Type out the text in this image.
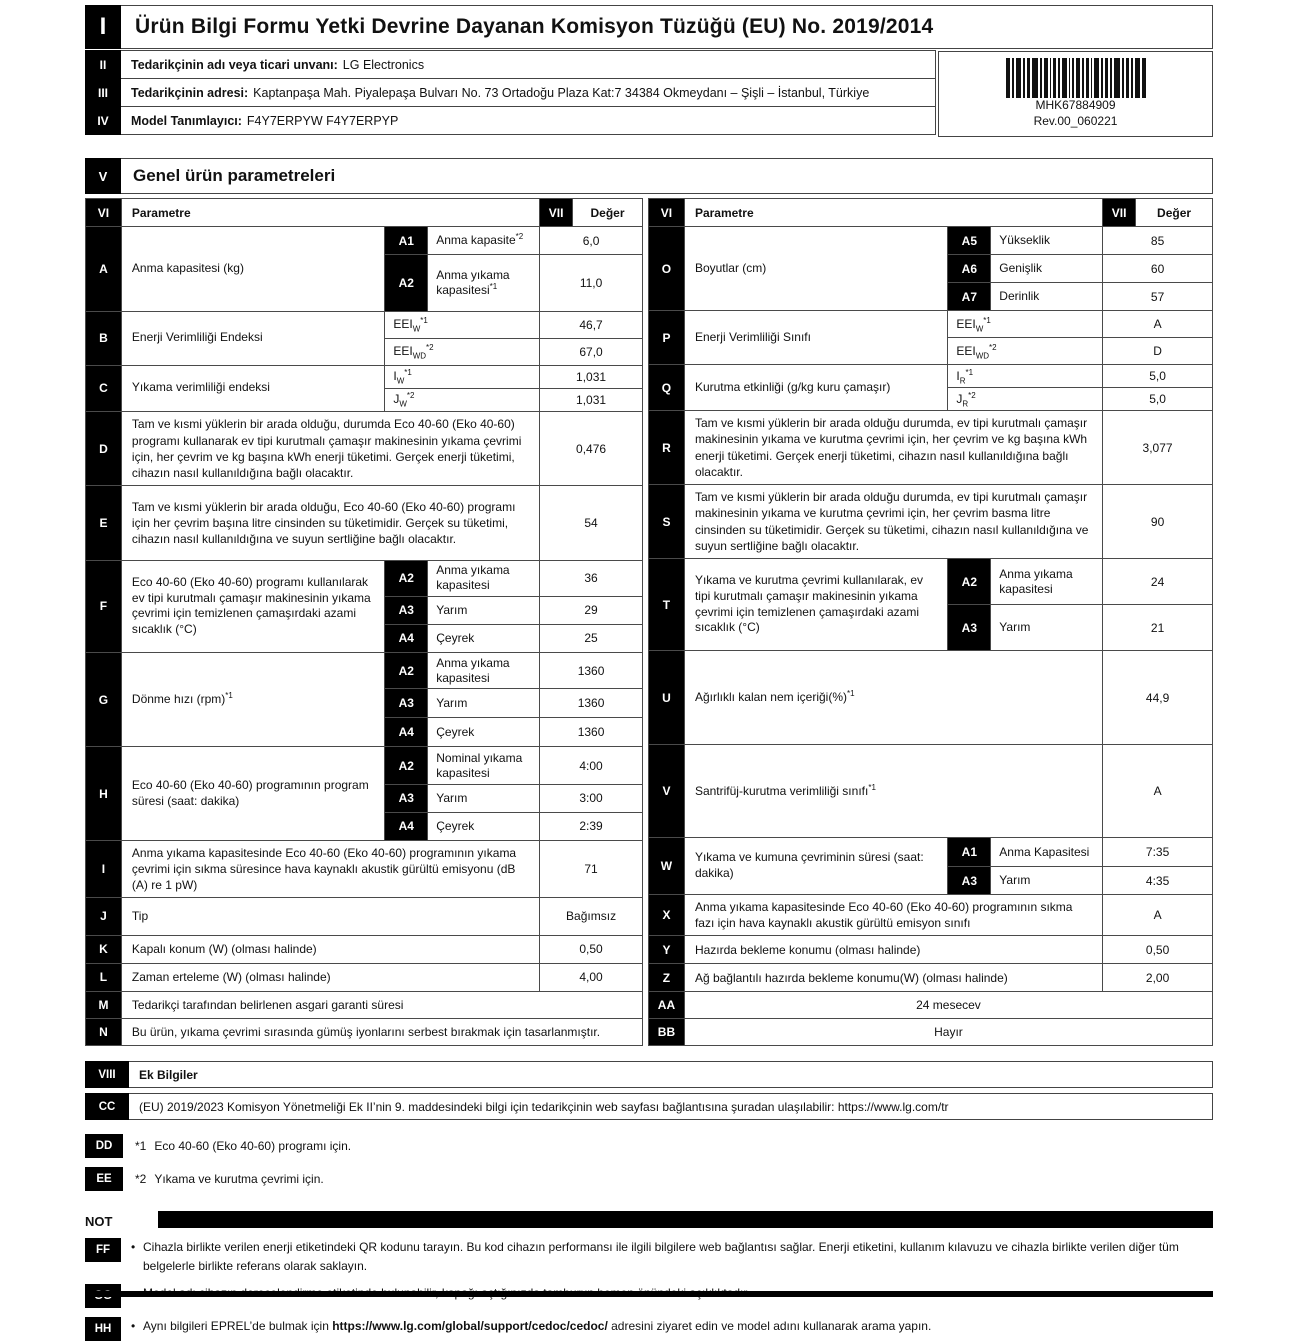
I	Ürün Bilgi Formu Yetki Devrine Dayanan Komisyon Tüzüğü (EU) No. 2019/2014
II	Tedarikçinin adı veya ticari unvanı: LG Electronics
III	Tedarikçinin adresi: Kaptanpaşa Mah. Piyalepaşa Bulvarı No. 73 Ortadoğu Plaza Kat:7 34384 Okmeydanı – Şişli – İstanbul, Türkiye
IV	Model Tanımlayıcı: F4Y7ERPYW F4Y7ERPYP
MHK67884909
Rev.00_060221
V	Genel ürün parametreleri
VI	Parametre			VII	Değer
A	Anma kapasitesi (kg)	A1	Anma kapasite$^{*2}$	6,0	
		A2	Anma yıkama kapasitesi$^{*1}$	11,0	
B	Enerji Verimliliği Endeksi	$EEI_W^{*1}$		46,7	
		$EEI_{WD}^{*2}$		67,0	
C	Yıkama verimliliği endeksi	$I_W^{*1}$		1,031	
		$J_W^{*2}$		1,031	
D	Tam ve kısmi yüklerin bir arada olduğu, durumda Eco 40-60 (Eko 40-60) programı kullanarak ev tipi kurutmalı çamaşır makinesinin yıkama çevrimi için, her çevrim ve kg başına kWh enerji tüketimi. Gerçek enerji tüketimi, cihazın nasıl kullanıldığına bağlı olacaktır.			0,476	
E	Tam ve kısmi yüklerin bir arada olduğu, Eco 40-60 (Eko 40-60) programı için her çevrim başına litre cinsinden su tüketimidir. Gerçek su tüketimi, cihazın nasıl kullanıldığına ve suyun sertliğine bağlı olacaktır.			54	
F	Eco 40-60 (Eko 40-60) programı kullanılarak ev tipi kurutmalı çamaşır makinesinin yıkama çevrimi için temizlenen çamaşırdaki azami sıcaklık (°C)	A2	Anma yıkama kapasitesi	36	
		A3	Yarım	29	
		A4	Çeyrek	25	
G	Dönme hızı (rpm)$^{*1}$	A2	Anma yıkama kapasitesi	1360	
		A3	Yarım	1360	
		A4	Çeyrek	1360	
H	Eco 40-60 (Eko 40-60) programının program süresi (saat: dakika)	A2	Nominal yıkama kapasitesi	4:00	
		A3	Yarım	3:00	
		A4	Çeyrek	2:39	
I	Anma yıkama kapasitesinde Eco 40-60 (Eko 40-60) programının yıkama çevrimi için sıkma süresince hava kaynaklı akustik gürültü emisyonu (dB (A) re 1 pW)			71	
J	Tip			Bağımsız	
K	Kapalı konum (W) (olması halinde)			0,50	
L	Zaman erteleme (W) (olması halinde)			4,00	
M	Tedarikçi tarafından belirlenen asgari garanti süresi				
N	Bu ürün, yıkama çevrimi sırasında gümüş iyonlarını serbest bırakmak için tasarlanmıştır.				
VI	Parametre			VII	Değer
O	Boyutlar (cm)	A5	Yükseklik	85	
		A6	Genişlik	60	
		A7	Derinlik	57	
P	Enerji Verimliliği Sınıfı	$EEI_W^{*1}$		A	
		$EEI_{WD}^{*2}$		D	
Q	Kurutma etkinliği (g/kg kuru çamaşır)	$I_R^{*1}$		5,0	
		$J_R^{*2}$		5,0	
R	Tam ve kısmi yüklerin bir arada olduğu durumda, ev tipi kurutmalı çamaşır makinesinin yıkama ve kurutma çevrimi için, her çevrim ve kg başına kWh enerji tüketimi. Gerçek enerji tüketimi, cihazın nasıl kullanıldığına bağlı olacaktır.			3,077	
S	Tam ve kısmi yüklerin bir arada olduğu durumda, ev tipi kurutmalı çamaşır makinesinin yıkama ve kurutma çevrimi için, her çevrim basma litre cinsinden su tüketimidir. Gerçek su tüketimi, cihazın nasıl kullanıldığına ve suyun sertliğine bağlı olacaktır.			90	
T	Yıkama ve kurutma çevrimi kullanılarak, ev tipi kurutmalı çamaşır makinesinin yıkama çevrimi için temizlenen çamaşırdaki azami sıcaklık (°C)	A2	Anma yıkama kapasitesi	24	
		A3	Yarım	21	
U	Ağırlıklı kalan nem içeriği(%)$^{*1}$			44,9	
V	Santrifüj-kurutma verimliliği sınıfı$^{*1}$			A	
W	Yıkama ve kumuna çevriminin süresi (saat: dakika)	A1	Anma Kapasitesi	7:35	
		A3	Yarım	4:35	
X	Anma yıkama kapasitesinde Eco 40-60 (Eko 40-60) programının sıkma fazı için hava kaynaklı akustik gürültü emisyon sınıfı			A	
Y	Hazırda bekleme konumu (olması halinde)			0,50	
Z	Ağ bağlantılı hazırda bekleme konumu(W) (olması halinde)			2,00	
AA	24 mesecev				
BB	Hayır				
VIII	Ek Bilgiler
CC	(EU) 2019/2023 Komisyon Yönetmeliği Ek II’nin 9. maddesindeki bilgi için tedarikçinin web sayfası bağlantısına şuradan ulaşılabilir: https://www.lg.com/tr
DD	*1 Eco 40-60 (Eko 40-60) programı için.
EE	*2 Yıkama ve kurutma çevrimi için.
NOT
FF	• Cihazla birlikte verilen enerji etiketindeki QR kodunu tarayın. Bu kod cihazın performansı ile ilgili bilgilere web bağlantısı sağlar. Enerji etiketini, kullanım kılavuzu ve cihazla birlikte verilen diğer tüm belgelerle birlikte referans olarak saklayın.
HH	• Aynı bilgileri EPREL’de bulmak için https://www.lg.com/global/support/cedoc/cedoc/ adresini ziyaret edin ve model adını kullanarak arama yapın.
